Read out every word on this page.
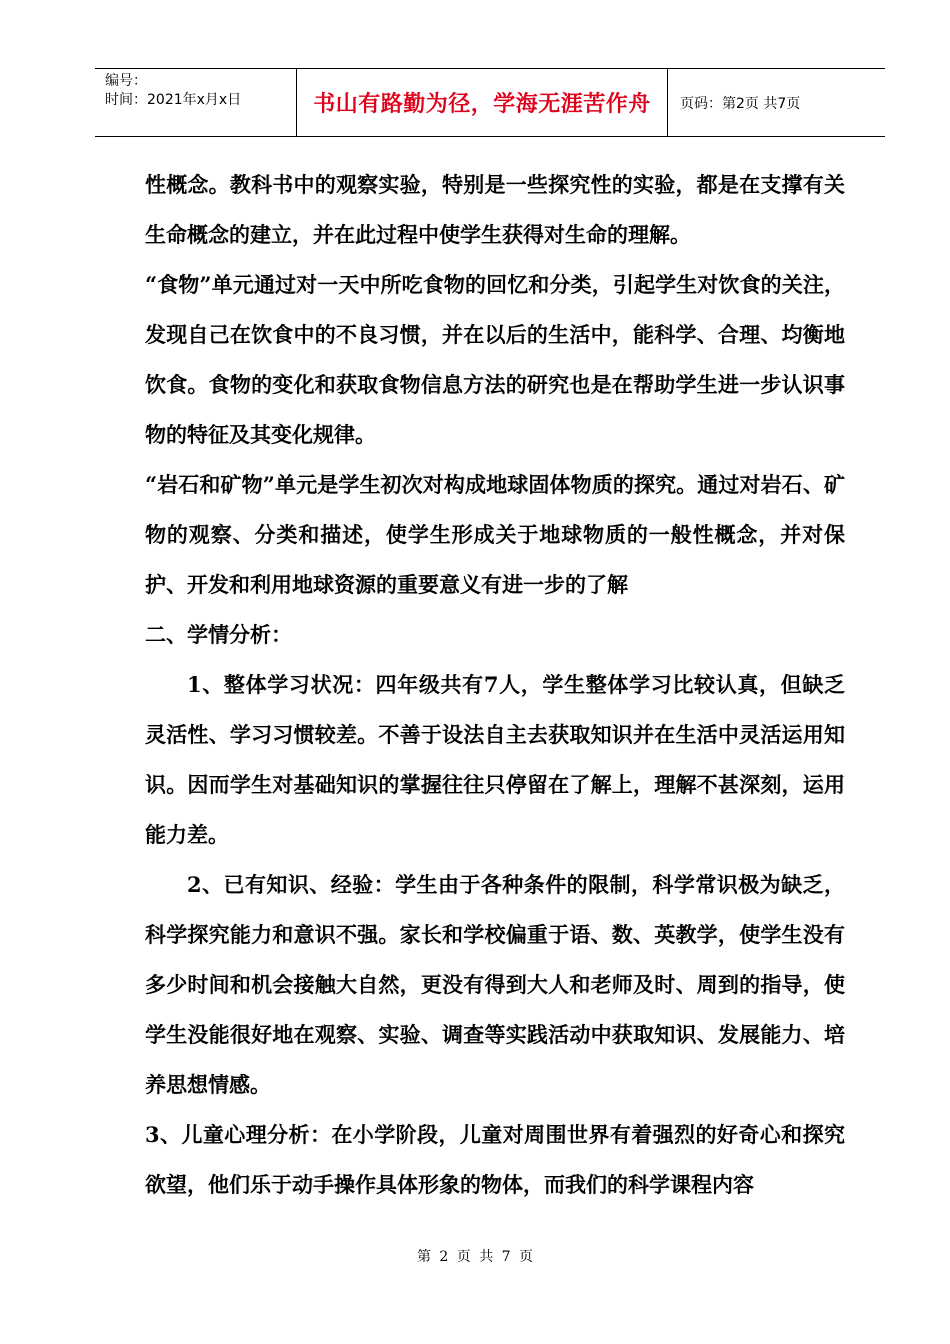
编号：
时间：2021年x月x日	书山有路勤为径，学海无涯苦作舟 页码：第2页 共7页

性概念。教科书中的观察实验，特别是一些探究性的实验，都是在支撑有关生命概念的建立，并在此过程中使学生获得对生命的理解。

“食物”单元通过对一天中所吃食物的回忆和分类，引起学生对饮食的关注，发现自己在饮食中的不良习惯，并在以后的生活中，能科学、合理、均衡地饮食。食物的变化和获取食物信息方法的研究也是在帮助学生进一步认识事物的特征及其变化规律。

“岩石和矿物”单元是学生初次对构成地球固体物质的探究。通过对岩石、矿物的观察、分类和描述，使学生形成关于地球物质的一般性概念，并对保护、开发和利用地球资源的重要意义有进一步的了解

二、学情分析：

1、整体学习状况：四年级共有7人，学生整体学习比较认真，但缺乏灵活性、学习习惯较差。不善于设法自主去获取知识并在生活中灵活运用知识。因而学生对基础知识的掌握往往只停留在了解上，理解不甚深刻，运用能力差。

2、已有知识、经验：学生由于各种条件的限制，科学常识极为缺乏，科学探究能力和意识不强。家长和学校偏重于语、数、英教学，使学生没有多少时间和机会接触大自然，更没有得到大人和老师及时、周到的指导，使学生没能很好地在观察、实验、调查等实践活动中获取知识、发展能力、培养思想情感。

3、儿童心理分析：在小学阶段，儿童对周围世界有着强烈的好奇心和探究欲望，他们乐于动手操作具体形象的物体，而我们的科学课程内容

第 2 页 共 7 页
